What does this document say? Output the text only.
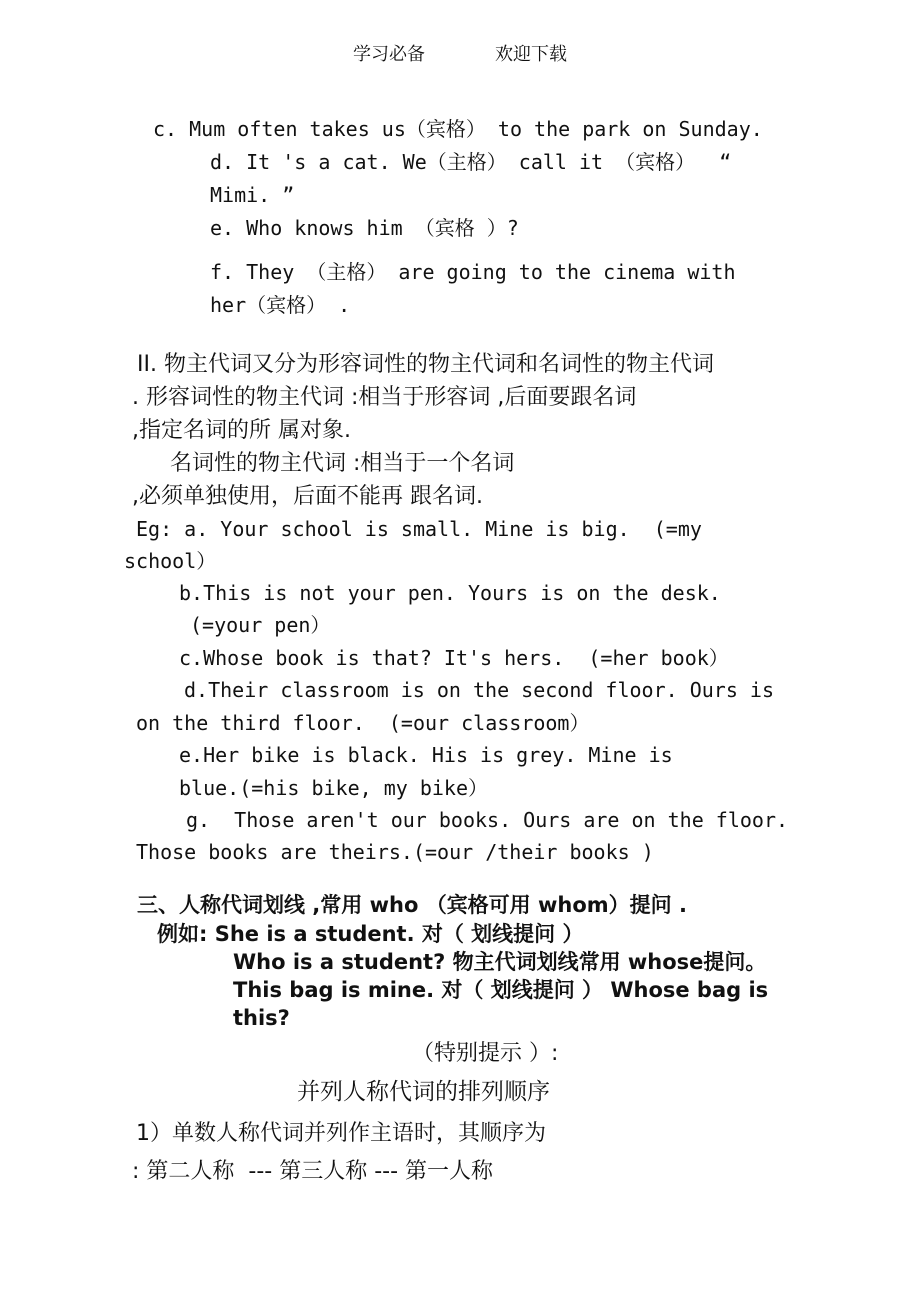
学习必备	欢迎下载
c. Mum often takes us（宾格） to the park on Sunday.
d. It 's a cat. We（主格） call it （宾格）  “
Mimi. ”
e. Who knows him （宾格 ）?
f. They （主格） are going to the cinema with
her（宾格） .
II. 物主代词又分为形容词性的物主代词和名词性的物主代词
. 形容词性的物主代词 :相当于形容词 ,后面要跟名词
,指定名词的所 属对象.
名词性的物主代词 :相当于一个名词
,必须单独使用，后面不能再 跟名词.
Eg: a. Your school is small. Mine is big.  (=my
school）
b.This is not your pen. Yours is on the desk.
(=your pen）
c.Whose book is that? It's hers.  (=her book）
d.Their classroom is on the second floor. Ours is
on the third floor.  (=our classroom）
e.Her bike is black. His is grey. Mine is
blue.(=his bike, my bike）
g.  Those aren't our books. Ours are on the floor.
Those books are theirs.(=our /their books )
三、人称代词划线 ,常用 who （宾格可用 whom）提问 .
例如: She is a student. 对（ 划线提问 ）
Who is a student? 物主代词划线常用 whose提问。
This bag is mine. 对（ 划线提问 ） Whose bag is
this?
（特别提示 ）:
并列人称代词的排列顺序
1）单数人称代词并列作主语时，其顺序为
: 第二人称  --- 第三人称 --- 第一人称
